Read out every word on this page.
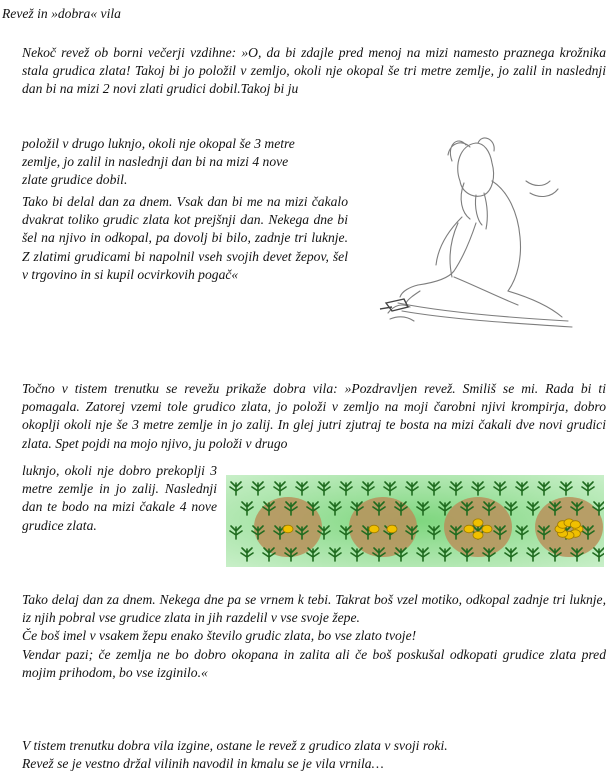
Revež in »dobra« vila

Nekoč revež ob borni večerji vzdihne: »O, da bi zdajle pred menoj na mizi namesto praznega krožnika stala grudica zlata! Takoj bi jo položil v zemljo, okoli nje okopal še tri metre zemlje, jo zalil in naslednji dan bi na mizi 2 novi zlati grudici dobil.Takoj bi ju

položil v drugo luknjo, okoli nje okopal še 3 metre
zemlje, jo zalil in naslednji dan bi na mizi 4 nove
zlate grudice dobil.

Tako bi delal dan za dnem. Vsak dan bi me na mizi čakalo dvakrat toliko grudic zlata kot prejšnji dan. Nekega dne bi šel na njivo in odkopal, pa dovolj bi bilo, zadnje tri luknje. Z zlatimi grudicami bi napolnil vseh svojih devet žepov, šel v trgovino in si kupil ocvirkovih pogač«

Točno v tistem trenutku se revežu prikaže dobra vila: »Pozdravljen revež. Smiliš se mi. Rada bi ti pomagala. Zatorej vzemi tole grudico zlata, jo položi v zemljo na moji čarobni njivi krompirja, dobro okoplji okoli nje še 3 metre zemlje in jo zalij. In glej jutri zjutraj te bosta na mizi čakali dve novi grudici zlata. Spet pojdi na mojo njivo, ju položi v drugo

luknjo, okoli nje dobro prekoplji 3 metre zemlje in jo zalij. Naslednji dan te bodo na mizi čakale 4 nove grudice zlata.

Tako delaj dan za dnem. Nekega dne pa se vrnem k tebi. Takrat boš vzel motiko, odkopal zadnje tri luknje, iz njih pobral vse grudice zlata in jih razdelil v vse svoje žepe.
Če boš imel v vsakem žepu enako število grudic zlata, bo vse zlato tvoje!
Vendar pazi; če zemlja ne bo dobro okopana in zalita ali če boš poskušal odkopati grudice zlata pred mojim prihodom, bo vse izginilo.«
V tistem trenutku dobra vila izgine, ostane le revež z grudico zlata v svoji roki.
Revež se je vestno držal vilinih navodil in kmalu se je vila vrnila…
